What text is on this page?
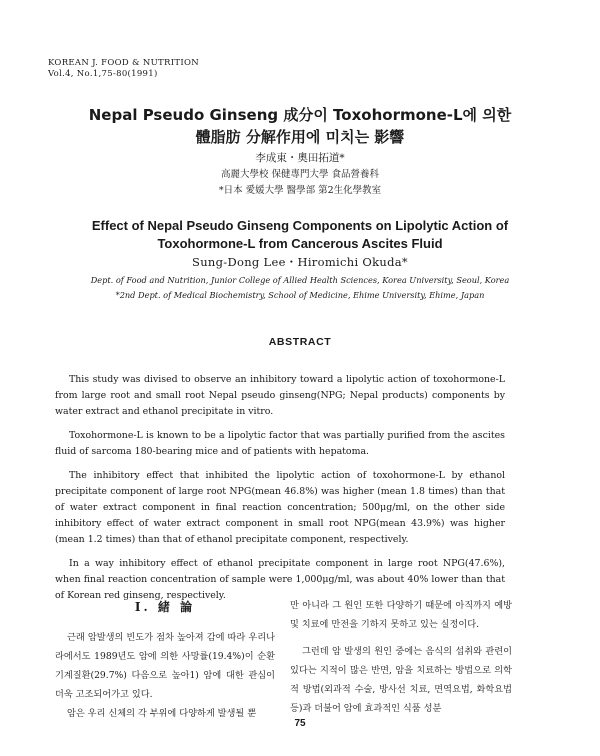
KOREAN J. FOOD & NUTRITION
Vol.4, No.1,75-80(1991)
Nepal Pseudo Ginseng 成分이 Toxohormone-L에 의한
體脂肪 分解作用에 미치는 影響
李成東・奧田拓道*
高麗大學校 保健專門大學 食品營養科
*日本 愛媛大學 醫學部 第2生化學教室
Effect of Nepal Pseudo Ginseng Components on Lipolytic Action of
Toxohormone-L from Cancerous Ascites Fluid
Sung-Dong Lee・Hiromichi Okuda*
Dept. of Food and Nutrition, Junior College of Allied Health Sciences, Korea University, Seoul, Korea
*2nd Dept. of Medical Biochemistry, School of Medicine, Ehime University, Ehime, Japan
ABSTRACT

This study was divised to observe an inhibitory toward a lipolytic action of toxohormone-L from large root and small root Nepal pseudo ginseng(NPG; Nepal products) components by water extract and ethanol precipitate in vitro.

Toxohormone-L is known to be a lipolytic factor that was partially purified from the ascites fluid of sarcoma 180-bearing mice and of patients with hepatoma.

The inhibitory effect that inhibited the lipolytic action of toxohormone-L by ethanol precipitate component of large root NPG(mean 46.8%) was higher (mean 1.8 times) than that of water extract component in final reaction concentration; 500μg/ml, on the other side inhibitory effect of water extract component in small root NPG(mean 43.9%) was higher (mean 1.2 times) than that of ethanol precipitate component, respectively.

In a way inhibitory effect of ethanol precipitate component in large root NPG(47.6%), when final reaction concentration of sample were 1,000μg/ml, was about 40% lower than that of Korean red ginseng, respectively.

I. 緒 論

근래 암발생의 빈도가 점차 높아져 감에 따라 우리나라에서도 1989년도 암에 의한 사망률(19.4%)이 순환기계질환(29.7%) 다음으로 높아1) 암에 대한 관심이 더욱 고조되어가고 있다.

암은 우리 신체의 각 부위에 다양하게 발생될 뿐

만 아니라 그 원인 또한 다양하기 때문에 아직까지 예방 및 치료에 만전을 기하지 못하고 있는 실정이다.

그런데 암 발생의 원인 중에는 음식의 섭취와 관련이 있다는 지적이 많은 반면, 암을 치료하는 방법으로 의학적 방법(외과적 수술, 방사선 치료, 면역요법, 화학요법 등)과 더불어 암에 효과적인 식품 성분

75
